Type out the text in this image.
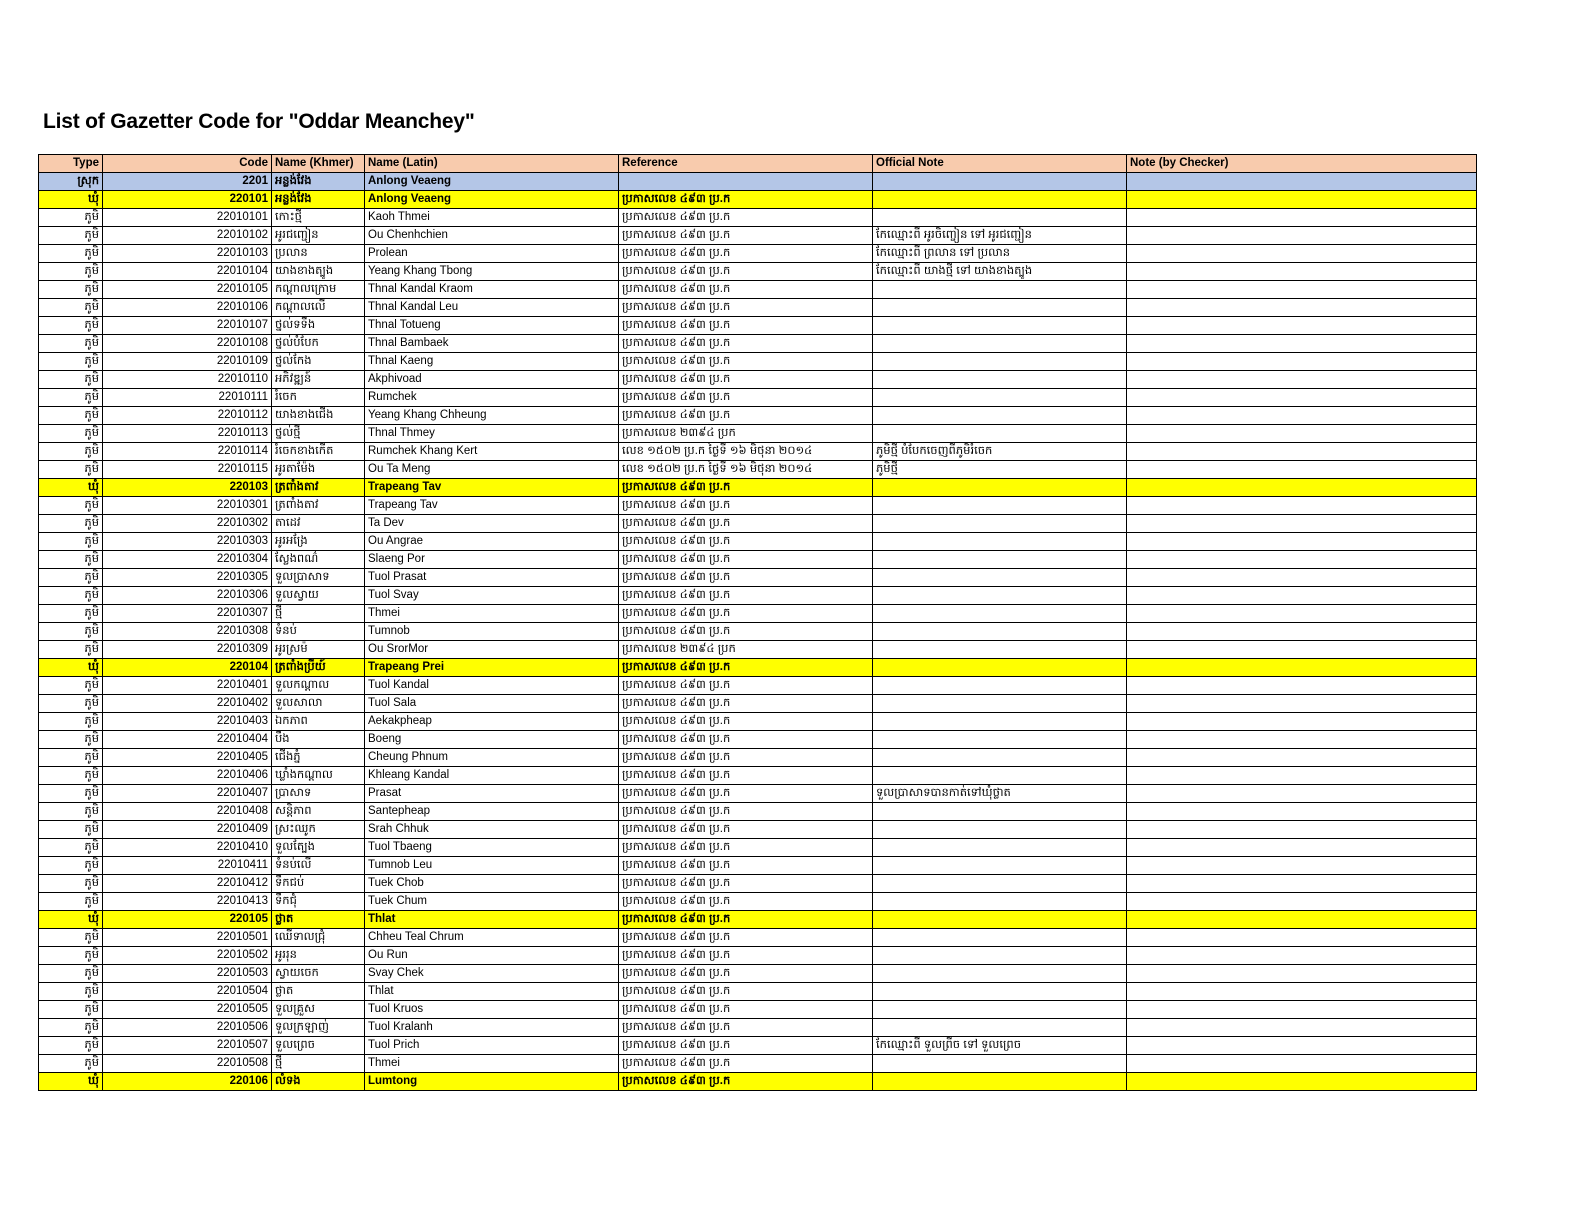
List of Gazetter Code for "Oddar Meanchey"
Type	Code	Name (Khmer)	Name (Latin)	Reference	Official Note	Note (by Checker)
ស្រុក	2201	អន្លង់វែង	Anlong Veaeng			
ឃុំ	220101	អន្លង់វែង	Anlong Veaeng	ប្រកាសលេខ ៤៩៣ ប្រ.ក		
ភូមិ	22010101	កោះថ្មី	Kaoh Thmei	ប្រកាសលេខ ៤៩៣ ប្រ.ក		
ភូមិ	22010102	អូរជញ្ជៀន	Ou Chenhchien	ប្រកាសលេខ ៤៩៣ ប្រ.ក	កែឈ្មោះពី អូរចិញ្ចៀន ទៅ អូរជញ្ជៀន	
ភូមិ	22010103	ប្រលាន	Prolean	ប្រកាសលេខ ៤៩៣ ប្រ.ក	កែឈ្មោះពី ព្រលាន ទៅ ប្រលាន	
ភូមិ	22010104	យាងខាងត្បូង	Yeang Khang Tbong	ប្រកាសលេខ ៤៩៣ ប្រ.ក	កែឈ្មោះពី យាងថ្មី ទៅ យាងខាងត្បូង	
ភូមិ	22010105	កណ្តាលក្រោម	Thnal Kandal Kraom	ប្រកាសលេខ ៤៩៣ ប្រ.ក		
ភូមិ	22010106	កណ្តាលលើ	Thnal Kandal Leu	ប្រកាសលេខ ៤៩៣ ប្រ.ក		
ភូមិ	22010107	ថ្នល់ទទឹង	Thnal Totueng	ប្រកាសលេខ ៤៩៣ ប្រ.ក		
ភូមិ	22010108	ថ្នល់បំបែក	Thnal Bambaek	ប្រកាសលេខ ៤៩៣ ប្រ.ក		
ភូមិ	22010109	ថ្នល់កែង	Thnal Kaeng	ប្រកាសលេខ ៤៩៣ ប្រ.ក		
ភូមិ	22010110	អភិវឌ្ឍន៍	Akphivoad	ប្រកាសលេខ ៤៩៣ ប្រ.ក		
ភូមិ	22010111	រំចេក	Rumchek	ប្រកាសលេខ ៤៩៣ ប្រ.ក		
ភូមិ	22010112	យាងខាងជើង	Yeang Khang Chheung	ប្រកាសលេខ ៤៩៣ ប្រ.ក		
ភូមិ	22010113	ថ្នល់ថ្មី	Thnal Thmey	ប្រកាសលេខ ២៣៩៤ ប្រក		
ភូមិ	22010114	រំចេកខាងកើត	Rumchek Khang Kert	លេខ ១៥០២ ប្រ.ក ថ្ងៃទី ១៦ មិថុនា ២០១៤	ភូមិថ្មី បំបែកចេញពីភូមិរំចេក	
ភូមិ	22010115	អូរតាម៉ែង	Ou Ta Meng	លេខ ១៥០២ ប្រ.ក ថ្ងៃទី ១៦ មិថុនា ២០១៤	ភូមិថ្មី	
ឃុំ	220103	ត្រពាំងតាវ	Trapeang Tav	ប្រកាសលេខ ៤៩៣ ប្រ.ក		
ភូមិ	22010301	ត្រពាំងតាវ	Trapeang Tav	ប្រកាសលេខ ៤៩៣ ប្រ.ក		
ភូមិ	22010302	តាដេវ	Ta Dev	ប្រកាសលេខ ៤៩៣ ប្រ.ក		
ភូមិ	22010303	អូរអង្រែ	Ou Angrae	ប្រកាសលេខ ៤៩៣ ប្រ.ក		
ភូមិ	22010304	ស្លែងពណ៌	Slaeng Por	ប្រកាសលេខ ៤៩៣ ប្រ.ក		
ភូមិ	22010305	ទួលប្រាសាទ	Tuol Prasat	ប្រកាសលេខ ៤៩៣ ប្រ.ក		
ភូមិ	22010306	ទួលស្វាយ	Tuol Svay	ប្រកាសលេខ ៤៩៣ ប្រ.ក		
ភូមិ	22010307	ថ្មី	Thmei	ប្រកាសលេខ ៤៩៣ ប្រ.ក		
ភូមិ	22010308	ទំនប់	Tumnob	ប្រកាសលេខ ៤៩៣ ប្រ.ក		
ភូមិ	22010309	អូរស្រម៉	Ou SrorMor	ប្រកាសលេខ ២៣៩៤ ប្រក		
ឃុំ	220104	ត្រពាំងប្រីយ៍	Trapeang Prei	ប្រកាសលេខ ៤៩៣ ប្រ.ក		
ភូមិ	22010401	ទួលកណ្តាល	Tuol Kandal	ប្រកាសលេខ ៤៩៣ ប្រ.ក		
ភូមិ	22010402	ទួលសាលា	Tuol Sala	ប្រកាសលេខ ៤៩៣ ប្រ.ក		
ភូមិ	22010403	ឯកភាព	Aekakpheap	ប្រកាសលេខ ៤៩៣ ប្រ.ក		
ភូមិ	22010404	បឹង	Boeng	ប្រកាសលេខ ៤៩៣ ប្រ.ក		
ភូមិ	22010405	ជើងភ្នំ	Cheung Phnum	ប្រកាសលេខ ៤៩៣ ប្រ.ក		
ភូមិ	22010406	ឃ្លាំងកណ្តាល	Khleang Kandal	ប្រកាសលេខ ៤៩៣ ប្រ.ក		
ភូមិ	22010407	ប្រាសាទ	Prasat	ប្រកាសលេខ ៤៩៣ ប្រ.ក	ទួលប្រាសាទបានកាត់ទៅឃុំថ្លាត	
ភូមិ	22010408	សន្តិភាព	Santepheap	ប្រកាសលេខ ៤៩៣ ប្រ.ក		
ភូមិ	22010409	ស្រះឈូក	Srah Chhuk	ប្រកាសលេខ ៤៩៣ ប្រ.ក		
ភូមិ	22010410	ទួលត្បែង	Tuol Tbaeng	ប្រកាសលេខ ៤៩៣ ប្រ.ក		
ភូមិ	22010411	ទំនប់លើ	Tumnob Leu	ប្រកាសលេខ ៤៩៣ ប្រ.ក		
ភូមិ	22010412	ទឹកជប់	Tuek Chob	ប្រកាសលេខ ៤៩៣ ប្រ.ក		
ភូមិ	22010413	ទឹកជុំ	Tuek Chum	ប្រកាសលេខ ៤៩៣ ប្រ.ក		
ឃុំ	220105	ថ្លាត	Thlat	ប្រកាសលេខ ៤៩៣ ប្រ.ក		
ភូមិ	22010501	ឈើទាលជ្រុំ	Chheu Teal Chrum	ប្រកាសលេខ ៤៩៣ ប្រ.ក		
ភូមិ	22010502	អូររុន	Ou Run	ប្រកាសលេខ ៤៩៣ ប្រ.ក		
ភូមិ	22010503	ស្វាយចេក	Svay Chek	ប្រកាសលេខ ៤៩៣ ប្រ.ក		
ភូមិ	22010504	ថ្លាត	Thlat	ប្រកាសលេខ ៤៩៣ ប្រ.ក		
ភូមិ	22010505	ទួលគ្រួស	Tuol Kruos	ប្រកាសលេខ ៤៩៣ ប្រ.ក		
ភូមិ	22010506	ទួលក្រឡាញ់	Tuol Kralanh	ប្រកាសលេខ ៤៩៣ ប្រ.ក		
ភូមិ	22010507	ទួលព្រេច	Tuol Prich	ប្រកាសលេខ ៤៩៣ ប្រ.ក	កែឈ្មោះពី ទួលព្រីច ទៅ ទួលព្រេច	
ភូមិ	22010508	ថ្មី	Thmei	ប្រកាសលេខ ៤៩៣ ប្រ.ក		
ឃុំ	220106	លំទង	Lumtong	ប្រកាសលេខ ៤៩៣ ប្រ.ក		
